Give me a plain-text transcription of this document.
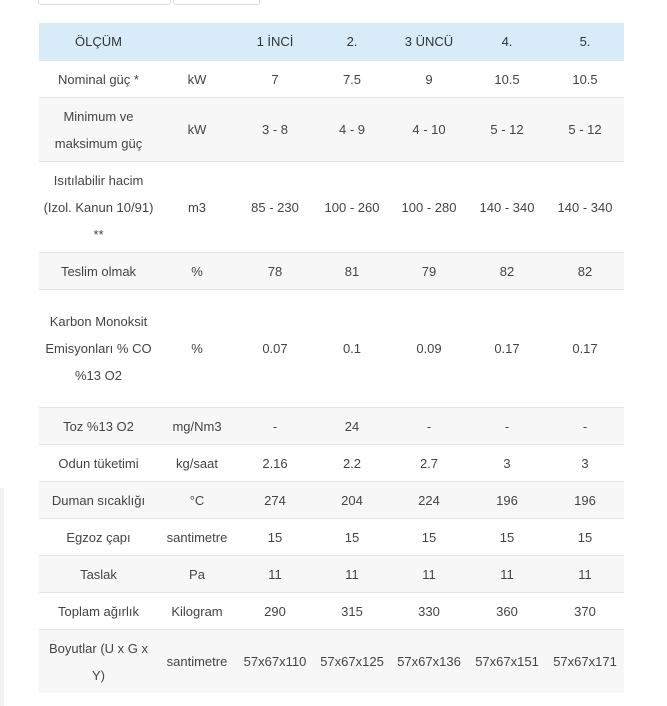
ÖLÇÜM		1 İNCİ	2.	3 ÜNCÜ	4.	5.
Nominal güç *	kW	7	7.5	9	10.5	10.5
Minimum ve maksimum güç	kW	3 - 8	4 - 9	4 - 10	5 - 12	5 - 12
Isıtılabilir hacim (Izol. Kanun 10/91) **	m3	85 - 230	100 - 260	100 - 280	140 - 340	140 - 340
Teslim olmak	%	78	81	79	82	82
Karbon Monoksit Emisyonları % CO %13 O2	%	0.07	0.1	0.09	0.17	0.17
Toz %13 O2	mg/Nm3	-	24	-	-	-
Odun tüketimi	kg/saat	2.16	2.2	2.7	3	3
Duman sıcaklığı	°C	274	204	224	196	196
Egzoz çapı	santimetre	15	15	15	15	15
Taslak	Pa	11	11	11	11	11
Toplam ağırlık	Kilogram	290	315	330	360	370
Boyutlar (U x G x Y)	santimetre	57x67x110	57x67x125	57x67x136	57x67x151	57x67x171
